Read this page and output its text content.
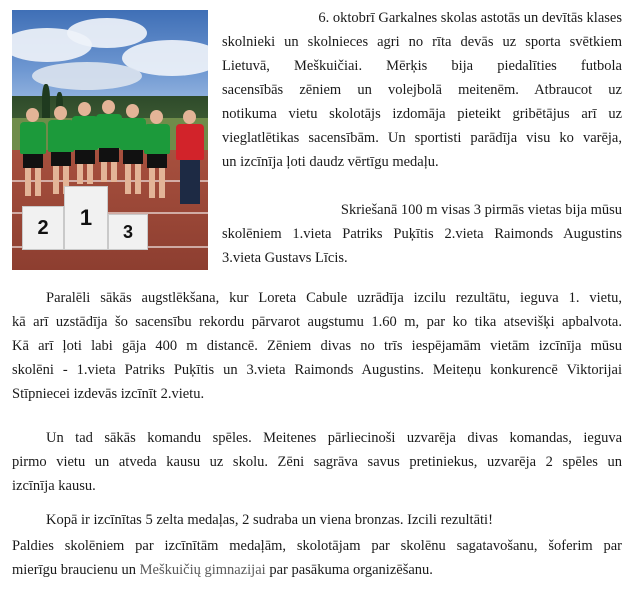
2 1
3
6. oktobrī Garkalnes skolas astotās un devītās klases
skolnieki un skolnieces agri no rīta devās uz sporta svētkiem
Lietuvā, Meškuičiai. Mērķis bija piedalīties futbola
sacensībās zēniem un volejbolā meitenēm. Atbraucot uz
notikuma vietu skolotājs izdomāja pieteikt gribētājus arī uz
vieglatlētikas sacensībām. Un sportisti parādīja visu ko varēja,
un izcīnīja ļoti daudz vērtīgu medaļu.
Skriešanā 100 m visas 3 pirmās vietas bija mūsu
skolēniem 1.vieta Patriks Puķītis 2.vieta Raimonds Augustins
3.vieta Gustavs Līcis.
Paralēli sākās augstlēkšana, kur Loreta Cabule uzrādīja izcilu rezultātu, ieguva 1. vietu,
kā arī uzstādīja šo sacensību rekordu pārvarot augstumu 1.60 m, par ko tika atsevišķi apbalvota.
Kā arī ļoti labi gāja 400 m distancē. Zēniem divas no trīs iespējamām vietām izcīnīja mūsu
skolēni - 1.vieta Patriks Puķītis un 3.vieta Raimonds Augustins. Meiteņu konkurencē Viktorijai
Stīpniecei izdevās izcīnīt 2.vietu.
Un tad sākās komandu spēles. Meitenes pārliecinoši uzvarēja divas komandas, ieguva
pirmo vietu un atveda kausu uz skolu. Zēni sagrāva savus pretiniekus, uzvarēja 2 spēles un
izcīnīja kausu.
Kopā ir izcīnītas 5 zelta medaļas, 2 sudraba un viena bronzas. Izcili rezultāti!
Paldies skolēniem par izcīnītām medaļām, skolotājam par skolēnu sagatavošanu, šoferim par
mierīgu braucienu un Meškuičių gimnazijai par pasākuma organizēšanu.
